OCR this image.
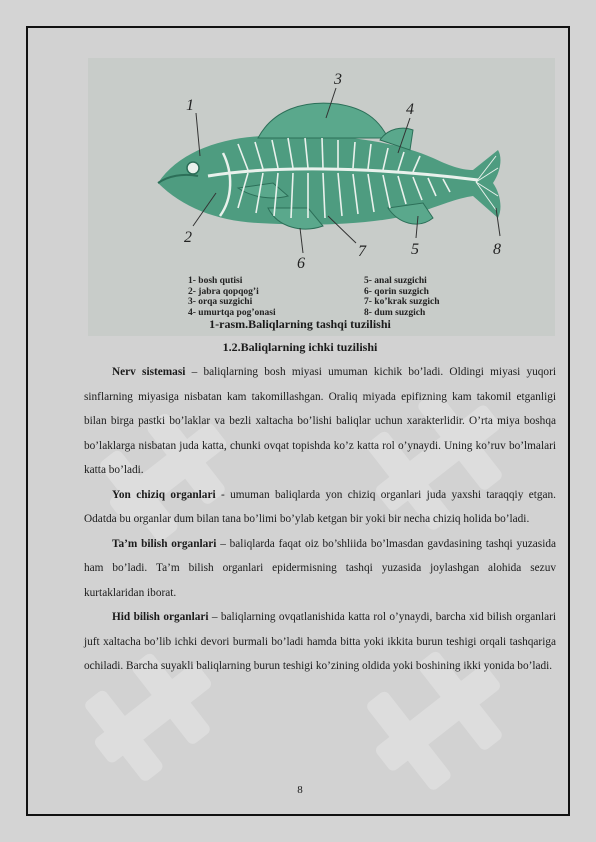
1
2
3
4
5
6
7	8
1- bosh qutisi
2- jabra qopqog’i
3- orqa suzgichi
4- umurtqa pog’onasi
5- anal suzgichi
6- qorin suzgich
7- ko’krak suzgich
8- dum suzgich
1-rasm.Baliqlarning tashqi tuzilishi
1.2.Baliqlarning ichki tuzilishi

Nerv sistemasi – baliqlarning bosh miyasi umuman kichik bo’ladi. Oldingi miyasi yuqori sinflarning miyasiga nisbatan kam takomillashgan. Oraliq miyada epifizning kam takomil etganligi bilan birga pastki bo’laklar va bezli xaltacha bo’lishi baliqlar uchun xarakterlidir. O’rta miya boshqa bo’laklarga nisbatan juda katta, chunki ovqat topishda ko’z katta rol o’ynaydi. Uning ko’ruv bo’lmalari katta bo’ladi.

Yon chiziq organlari - umuman baliqlarda yon chiziq organlari juda yaxshi taraqqiy etgan. Odatda bu organlar dum bilan tana bo’limi bo’ylab ketgan bir yoki bir necha chiziq holida bo’ladi.

Ta’m bilish organlari – baliqlarda faqat oiz bo’shliida bo’lmasdan gavdasining tashqi yuzasida ham bo’ladi. Ta’m bilish organlari epidermisning tashqi yuzasida joylashgan alohida sezuv kurtaklaridan iborat.

Hid bilish organlari – baliqlarning ovqatlanishida katta rol o’ynaydi, barcha xid bilish organlari juft xaltacha bo’lib ichki devori burmali bo’ladi hamda bitta yoki ikkita burun teshigi orqali tashqariga ochiladi. Barcha suyakli baliqlarning burun teshigi ko’zining oldida yoki boshining ikki yonida bo’ladi.

8
